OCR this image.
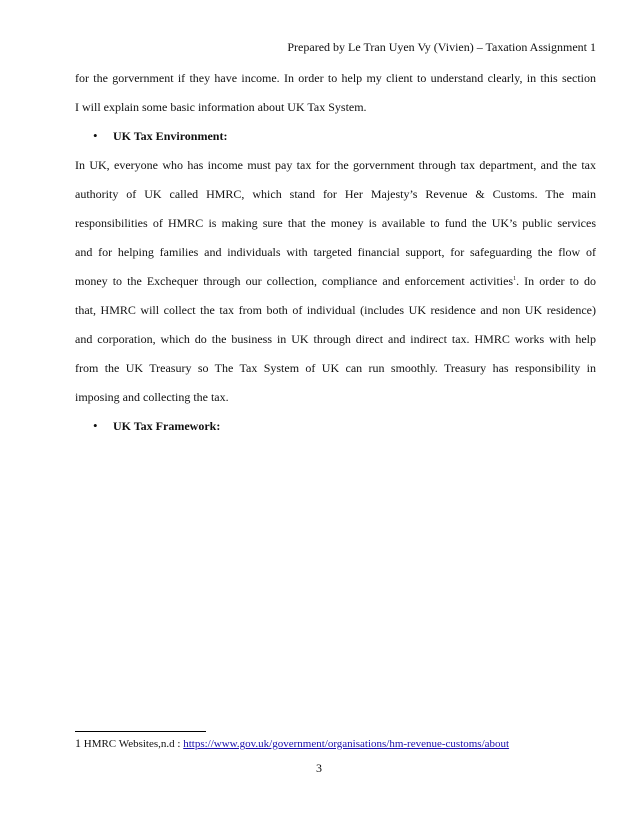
Prepared by Le Tran Uyen Vy (Vivien) – Taxation Assignment 1
for the gorvernment if they have income. In order to help my client to understand clearly, in this section
I will explain some basic information about UK Tax System.
•	UK Tax Environment:
In UK, everyone who has income must pay tax for the gorvernment through tax department, and the tax
authority of UK called HMRC, which stand for Her Majesty’s Revenue & Customs. The main
responsibilities of HMRC is making sure that the money is available to fund the UK’s public services
and for helping families and individuals with targeted financial support, for safeguarding the flow of
money to the Exchequer through our collection, compliance and enforcement activities$^1$. In order to do
that, HMRC will collect the tax from both of individual (includes UK residence and non UK residence)
and corporation, which do the business in UK through direct and indirect tax. HMRC works with help
from the UK Treasury so The Tax System of UK can run smoothly. Treasury has responsibility in
imposing and collecting the tax.
•	UK Tax Framework:
1 HMRC Websites,n.d : https://www.gov.uk/government/organisations/hm-revenue-customs/about
3
